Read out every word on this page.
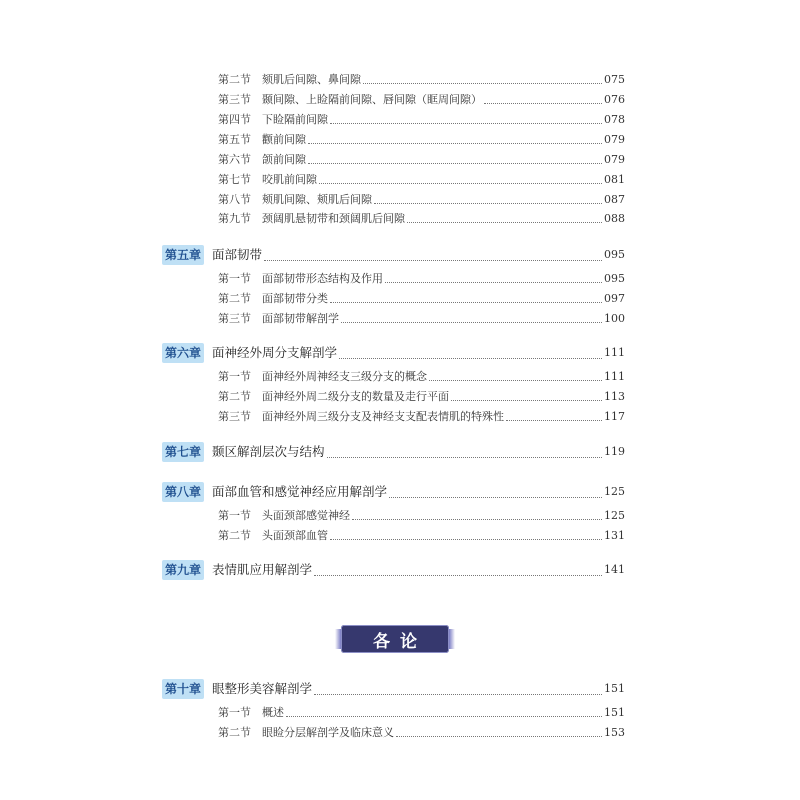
第二节	颏肌后间隙、鼻间隙	075
第三节	颞间隙、上睑隔前间隙、唇间隙（眶周间隙）	076
第四节	下睑隔前间隙	078
第五节	颧前间隙	079
第六节	颌前间隙	079
第七节	咬肌前间隙	081
第八节	颊肌间隙、颊肌后间隙	087
第九节	颈阔肌悬韧带和颈阔肌后间隙	088
第五章 面部韧带	095
第一节	面部韧带形态结构及作用	095
第二节	面部韧带分类	097
第三节	面部韧带解剖学	100
第六章 面神经外周分支解剖学	111
第一节	面神经外周神经支三级分支的概念	111
第二节	面神经外周二级分支的数量及走行平面	113
第三节	面神经外周三级分支及神经支支配表情肌的特殊性	117
第七章 颞区解剖层次与结构	119
第八章 面部血管和感觉神经应用解剖学	125
第一节	头面颈部感觉神经	125
第二节	头面颈部血管	131
第九章 表情肌应用解剖学	141
第十章 眼整形美容解剖学	151
第一节	概述	151
第二节	眼睑分层解剖学及临床意义	153
各论
